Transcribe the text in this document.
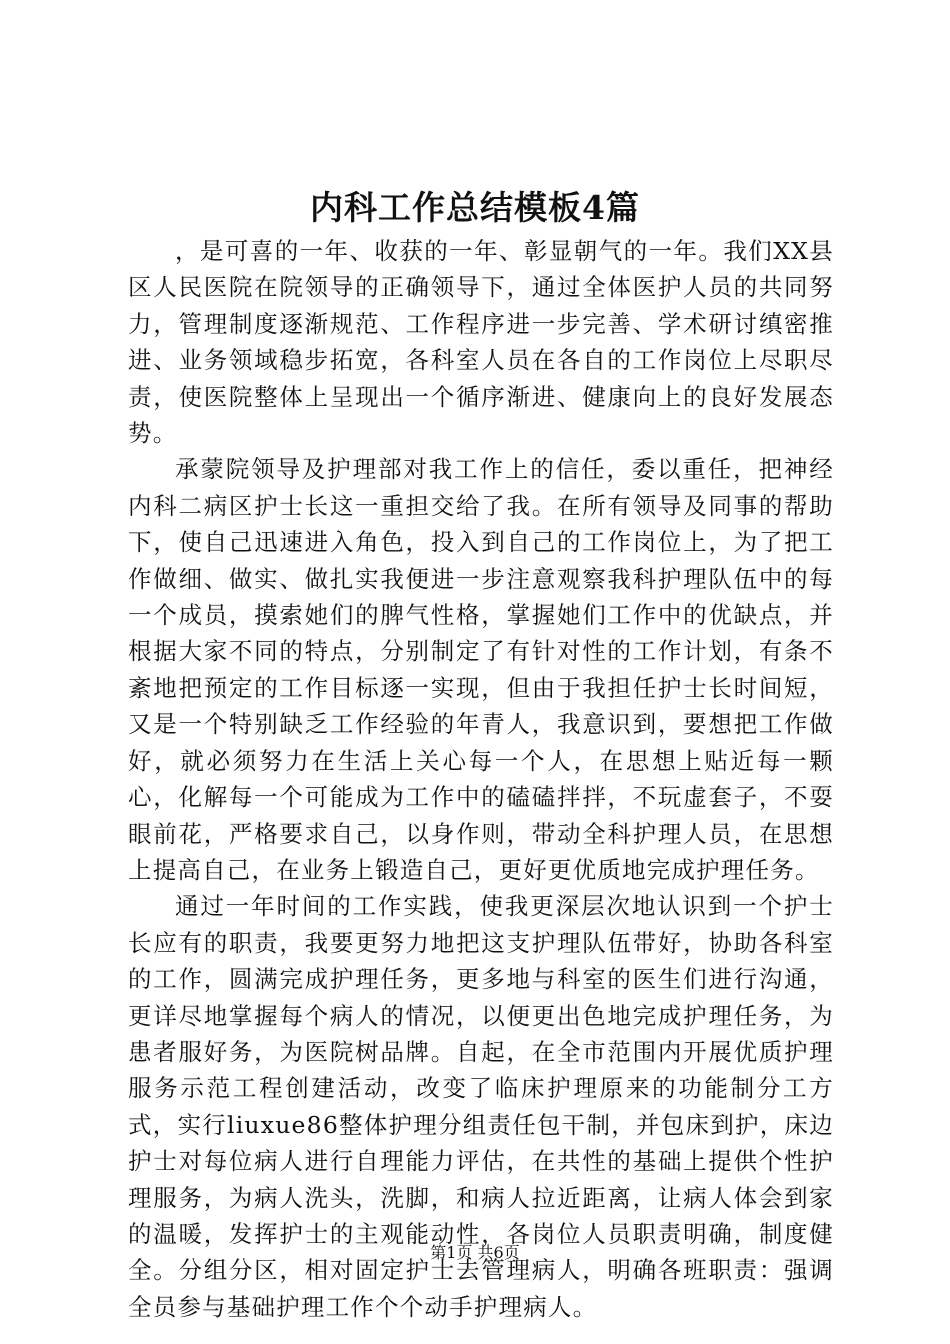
内科工作总结模板4篇

，是可喜的一年、收获的一年、彰显朝气的一年。我们XX县区人民医院在院领导的正确领导下，通过全体医护人员的共同努力，管理制度逐渐规范、工作程序进一步完善、学术研讨缜密推进、业务领域稳步拓宽，各科室人员在各自的工作岗位上尽职尽责，使医院整体上呈现出一个循序渐进、健康向上的良好发展态势。

承蒙院领导及护理部对我工作上的信任，委以重任，把神经内科二病区护士长这一重担交给了我。在所有领导及同事的帮助下，使自己迅速进入角色，投入到自己的工作岗位上，为了把工作做细、做实、做扎实我便进一步注意观察我科护理队伍中的每一个成员，摸索她们的脾气性格，掌握她们工作中的优缺点，并根据大家不同的特点，分别制定了有针对性的工作计划，有条不紊地把预定的工作目标逐一实现，但由于我担任护士长时间短，又是一个特别缺乏工作经验的年青人，我意识到，要想把工作做好，就必须努力在生活上关心每一个人，在思想上贴近每一颗心，化解每一个可能成为工作中的磕磕拌拌，不玩虚套子，不耍眼前花，严格要求自己，以身作则，带动全科护理人员，在思想上提高自己，在业务上锻造自己，更好更优质地完成护理任务。

通过一年时间的工作实践，使我更深层次地认识到一个护士长应有的职责，我要更努力地把这支护理队伍带好，协助各科室的工作，圆满完成护理任务，更多地与科室的医生们进行沟通，更详尽地掌握每个病人的情况，以便更出色地完成护理任务，为患者服好务，为医院树品牌。自起，在全市范围内开展优质护理服务示范工程创建活动，改变了临床护理原来的功能制分工方式，实行liuxue86整体护理分组责任包干制，并包床到护，床边护士对每位病人进行自理能力评估，在共性的基础上提供个性护理服务，为病人洗头，洗脚，和病人拉近距离，让病人体会到家的温暖，发挥护士的主观能动性，各岗位人员职责明确，制度健全。分组分区，相对固定护士去管理病人，明确各班职责：强调全员参与基础护理工作个个动手护理病人。

第1页 共6页
